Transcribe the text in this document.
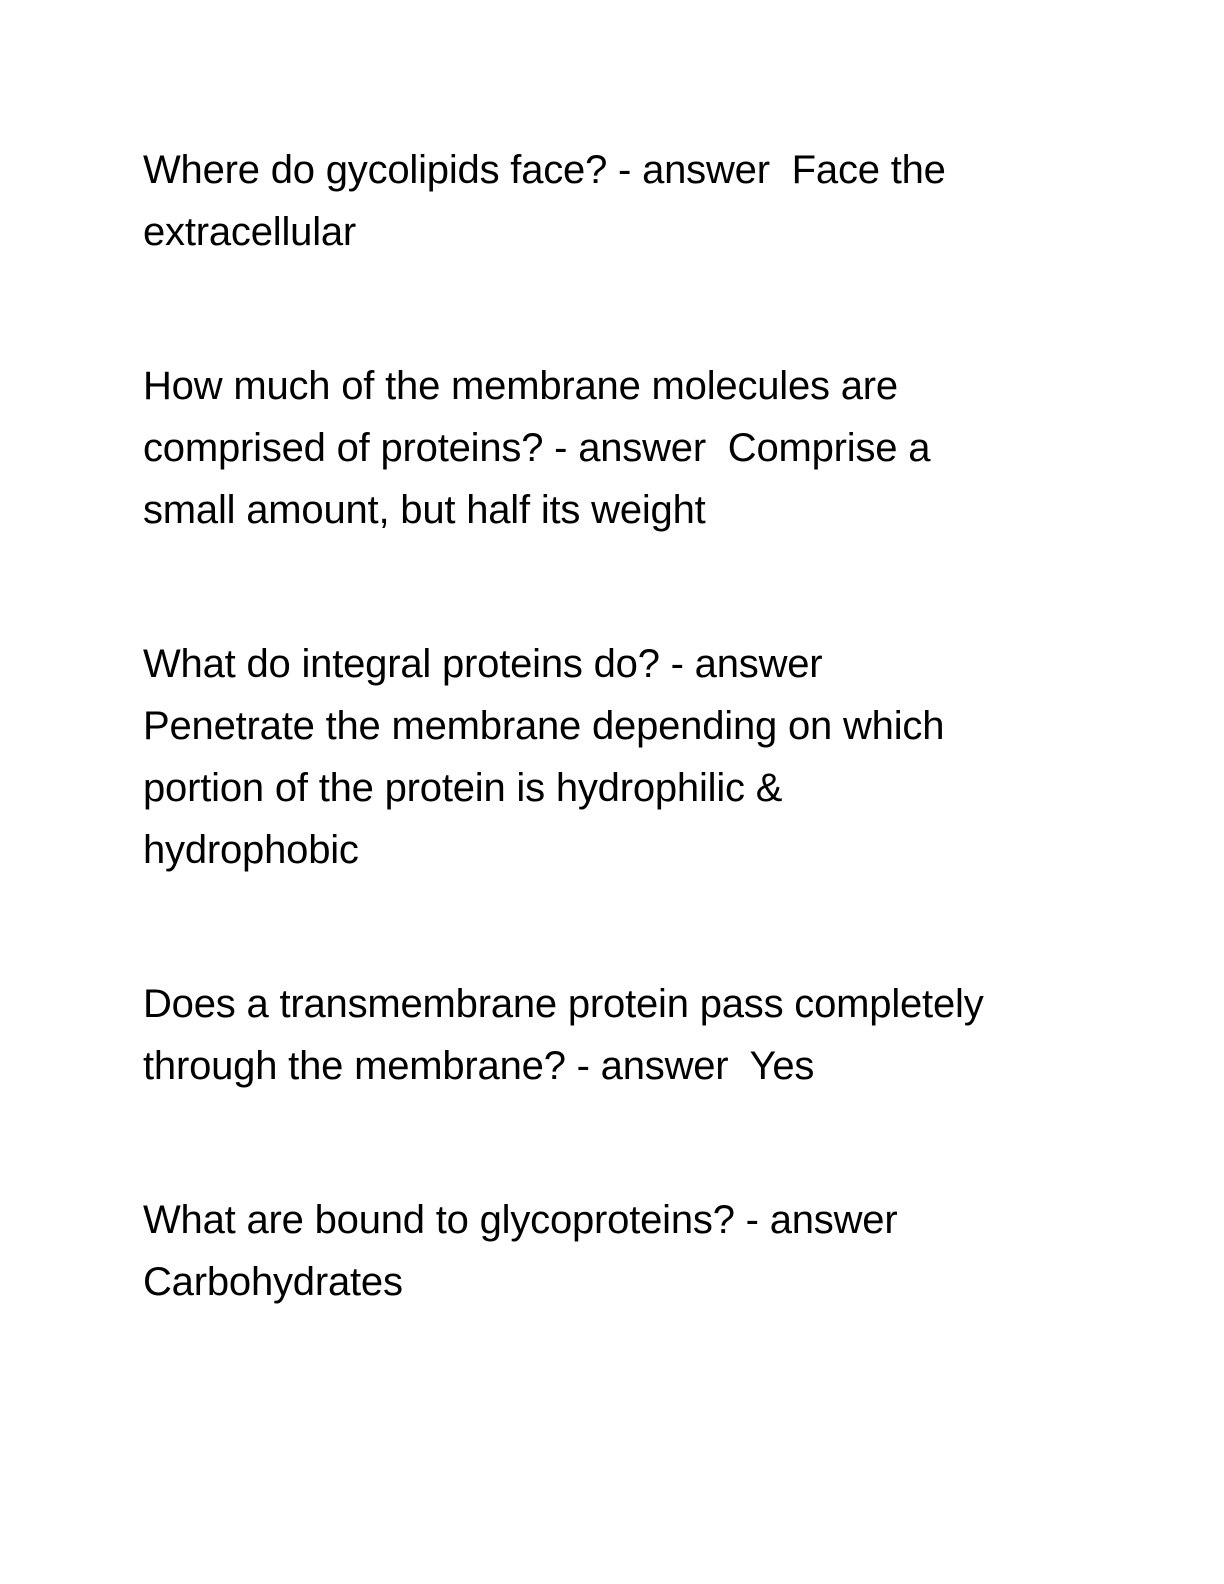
Where do gycolipids face? - answer  Face the
extracellular

How much of the membrane molecules are
comprised of proteins? - answer  Comprise a
small amount, but half its weight

What do integral proteins do? - answer
Penetrate the membrane depending on which
portion of the protein is hydrophilic &
hydrophobic

Does a transmembrane protein pass completely
through the membrane? - answer  Yes

What are bound to glycoproteins? - answer
Carbohydrates
